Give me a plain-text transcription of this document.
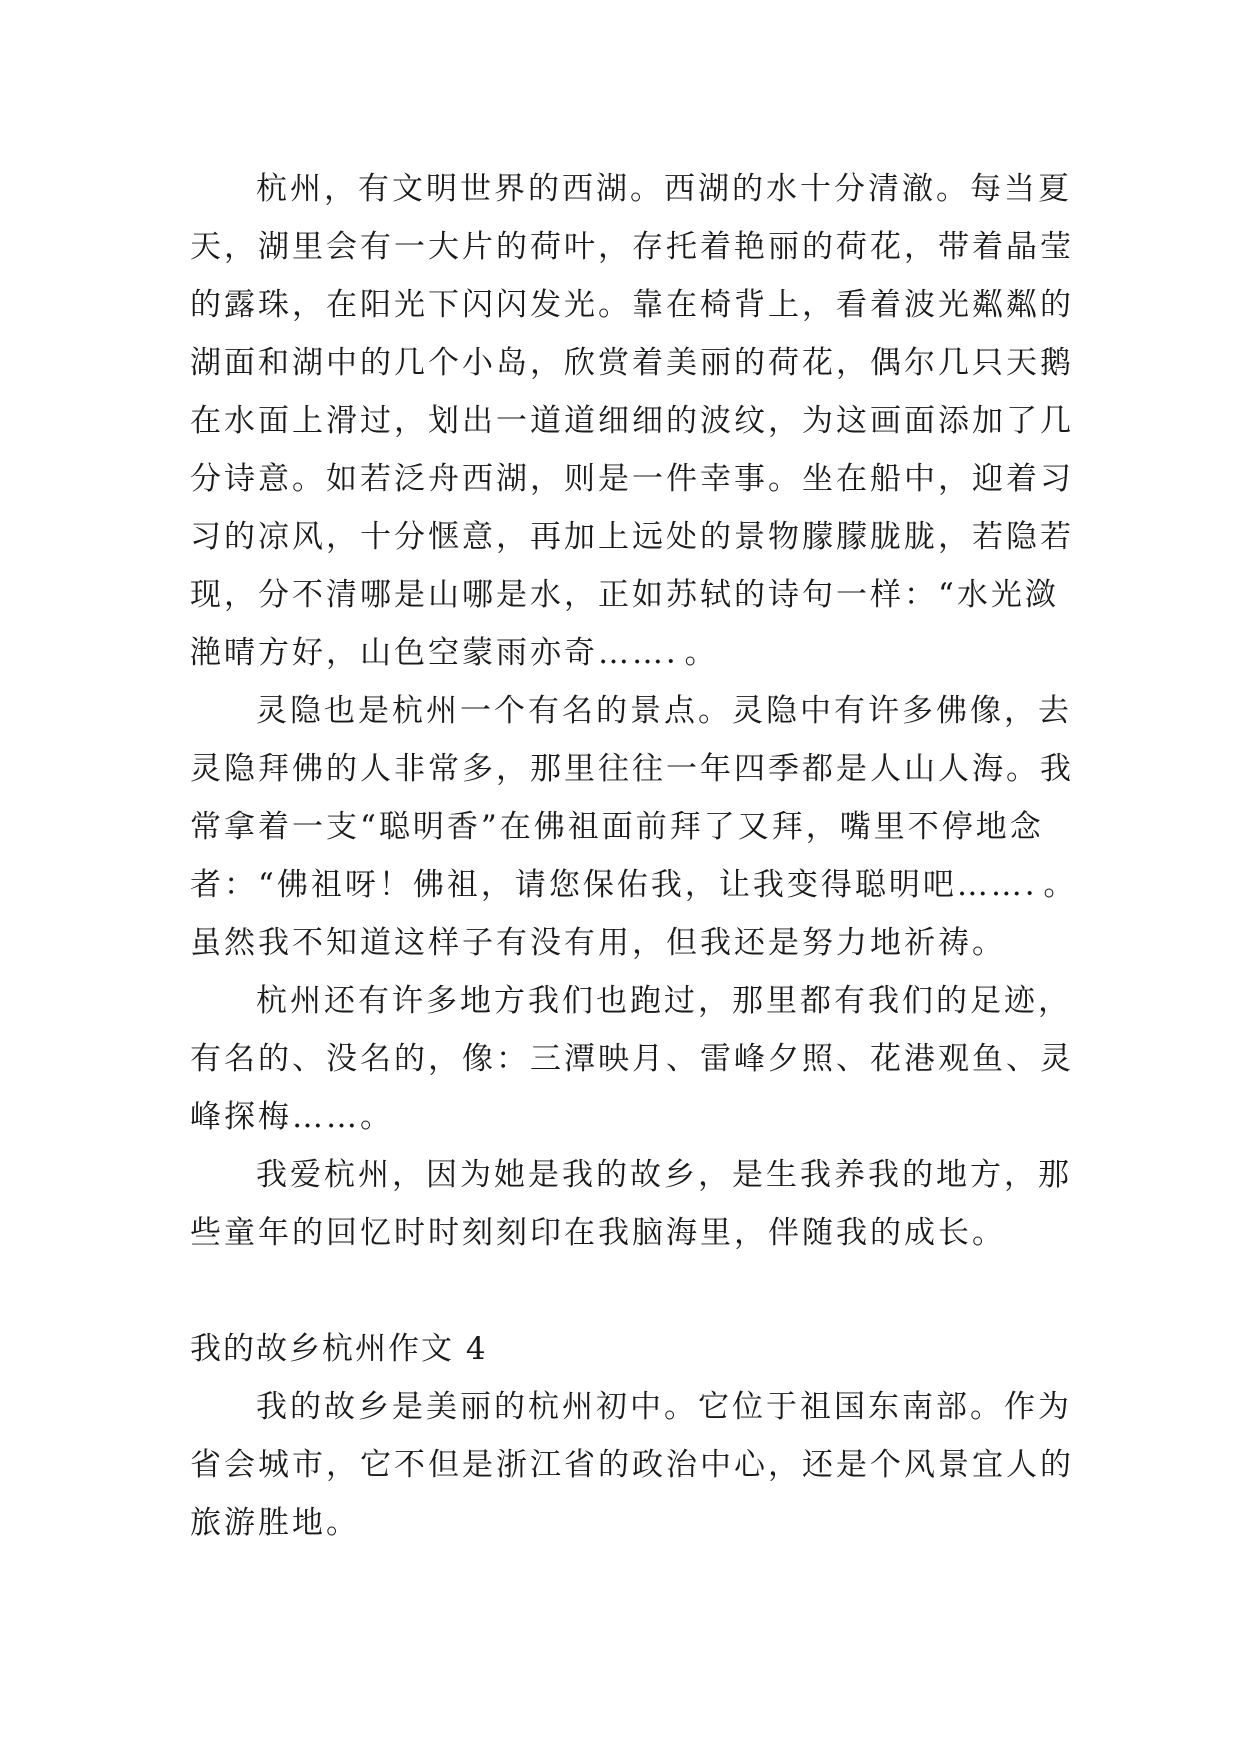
杭州，有文明世界的西湖。西湖的水十分清澈。每当夏
天，湖里会有一大片的荷叶，存托着艳丽的荷花，带着晶莹
的露珠，在阳光下闪闪发光。靠在椅背上，看着波光粼粼的
湖面和湖中的几个小岛，欣赏着美丽的荷花，偶尔几只天鹅
在水面上滑过，划出一道道细细的波纹，为这画面添加了几
分诗意。如若泛舟西湖，则是一件幸事。坐在船中，迎着习
习的凉风，十分惬意，再加上远处的景物朦朦胧胧，若隐若
现，分不清哪是山哪是水，正如苏轼的诗句一样：“水光潋
滟晴方好，山色空蒙雨亦奇……．。
灵隐也是杭州一个有名的景点。灵隐中有许多佛像，去
灵隐拜佛的人非常多，那里往往一年四季都是人山人海。我
常拿着一支“聪明香”在佛祖面前拜了又拜，嘴里不停地念
者：“佛祖呀！佛祖，请您保佑我，让我变得聪明吧……．。
虽然我不知道这样子有没有用，但我还是努力地祈祷。
杭州还有许多地方我们也跑过，那里都有我们的足迹，
有名的、没名的，像：三潭映月、雷峰夕照、花港观鱼、灵
峰探梅……。
我爱杭州，因为她是我的故乡，是生我养我的地方，那
些童年的回忆时时刻刻印在我脑海里，伴随我的成长。
我的故乡杭州作文 4
我的故乡是美丽的杭州初中。它位于祖国东南部。作为
省会城市，它不但是浙江省的政治中心，还是个风景宜人的
旅游胜地。
